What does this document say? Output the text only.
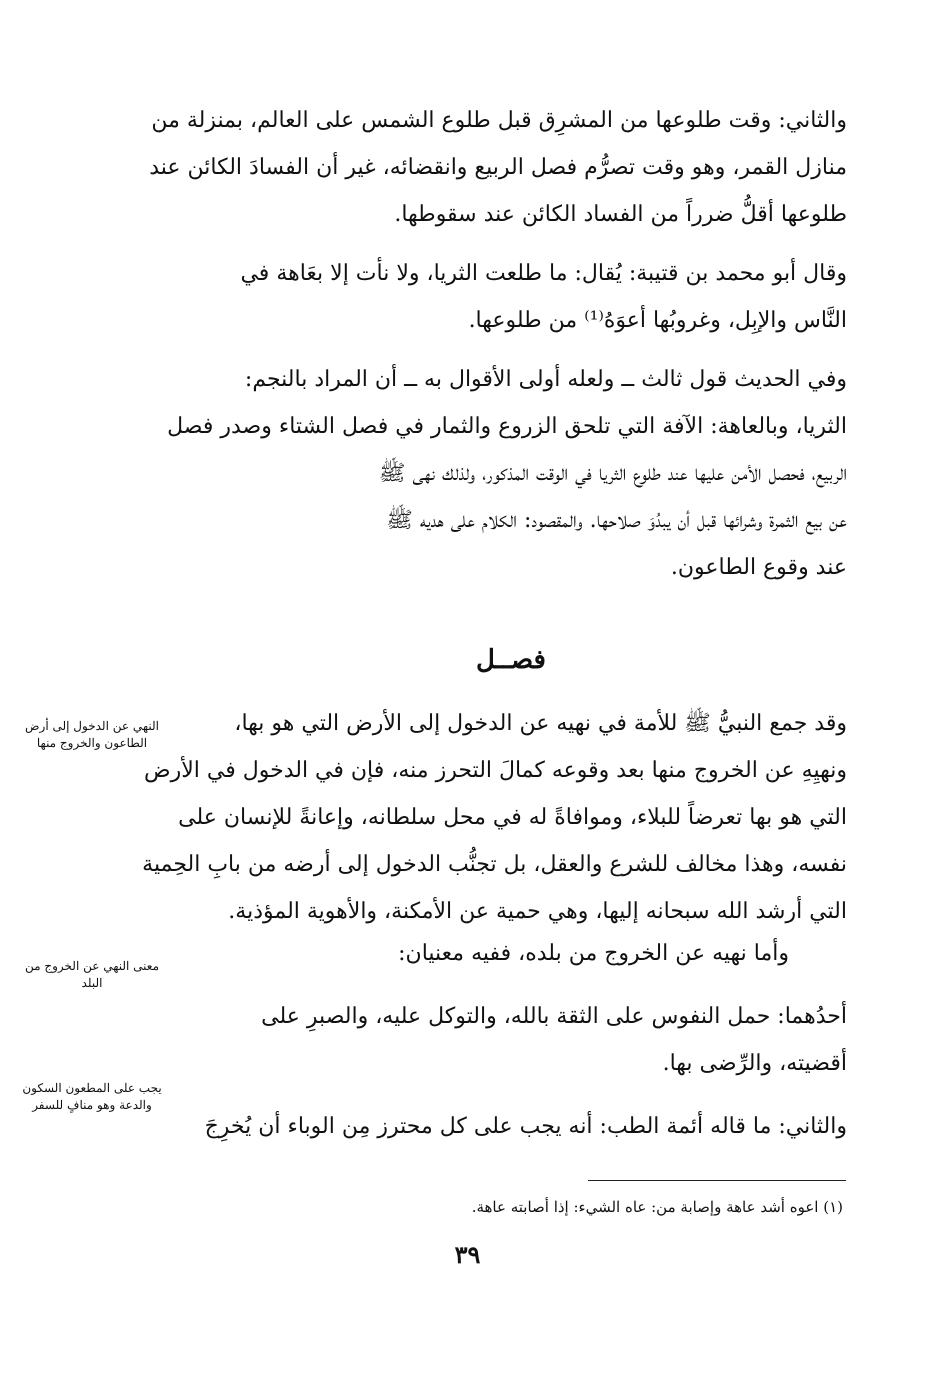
والثاني: وقت طلوعها من المشرِق قبل طلوع الشمس على العالم، بمنزلة من
منازل القمر، وهو وقت تصرُّم فصل الربيع وانقضائه، غير أن الفسادَ الكائن عند
طلوعها أقلُّ ضرراً من الفساد الكائن عند سقوطها.
وقال أبو محمد بن قتيبة: يُقال: ما طلعت الثريا، ولا نأت إلا بعَاهة في
النَّاس والإبِل، وغروبُها أعوَهُ⁽¹⁾ من طلوعها.
وفي الحديث قول ثالث ــ ولعله أولى الأقوال به ــ أن المراد بالنجم:
الثريا، وبالعاهة: الآفة التي تلحق الزروع والثمار في فصل الشتاء وصدر فصل
الربيع، فحصل الأمن عليها عند طلوع الثريا في الوقت المذكور، ولذلك نهى ﷺ
عن بيع الثمرة وشرائها قبل أن يبدُوَ صلاحها. والمقصود: الكلام على هديه ﷺ
عند وقوع الطاعون.
فصــل
وقد جمع النبيُّ ﷺ للأمة في نهيه عن الدخول إلى الأرض التي هو بها،
ونهيِهِ عن الخروج منها بعد وقوعه كمالَ التحرز منه، فإن في الدخول في الأرض
التي هو بها تعرضاً للبلاء، وموافاةً له في محل سلطانه، وإعانةً للإنسان على
نفسه، وهذا مخالف للشرع والعقل، بل تجنُّب الدخول إلى أرضه من بابِ الحِمية
التي أرشد الله سبحانه إليها، وهي حمية عن الأمكنة، والأهوية المؤذية.
وأما نهيه عن الخروج من بلده، ففيه معنيان:
أحدُهما: حمل النفوس على الثقة بالله، والتوكل عليه، والصبرِ على
أقضيته، والرِّضى بها.
والثاني: ما قاله أئمة الطب: أنه يجب على كل محترز مِن الوباء أن يُخرِجَ
النهي عن الدخول إلى أرض الطاعون والخروج منها
معنى النهي عن الخروج من البلد
يجب على المطعون السكون والدعة وهو منافٍ للسفر
(١) اعوه أشد عاهة وإصابة من: عاه الشيء: إذا أصابته عاهة.
٣٩
